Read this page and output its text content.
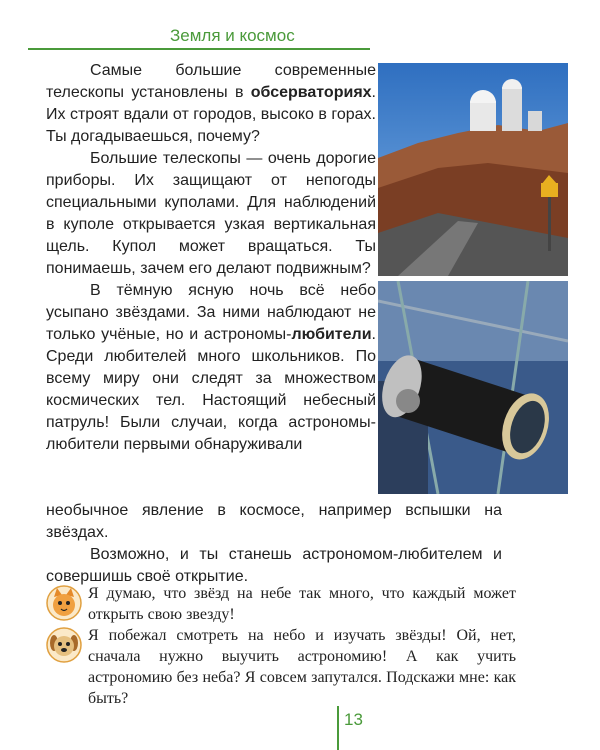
Земля и космос

Самые большие современные телескопы установлены в обсерваториях. Их строят вдали от городов, высоко в горах. Ты догадываешься, почему?

Большие телескопы — очень дорогие приборы. Их защищают от непогоды специальными куполами. Для наблюдений в куполе открывается узкая вертикальная щель. Купол может вращаться. Ты понимаешь, зачем его делают подвижным?

В тёмную ясную ночь всё небо усыпано звёздами. За ними наблюдают не только учёные, но и астрономы-любители. Среди любителей много школьников. По всему миру они следят за множеством космических тел. Настоящий небесный патруль! Были случаи, когда астрономы-любители первыми обнаруживали

необычное явление в космосе, например вспышки на звёздах.

Возможно, и ты станешь астрономом-любителем и совершишь своё открытие.

Я думаю, что звёзд на небе так много, что каждый может открыть свою звезду!
Я побежал смотреть на небо и изучать звёзды! Ой, нет, сначала нужно выучить астрономию! А как учить астрономию без неба? Я совсем запутался. Подскажи мне: как быть?
13
